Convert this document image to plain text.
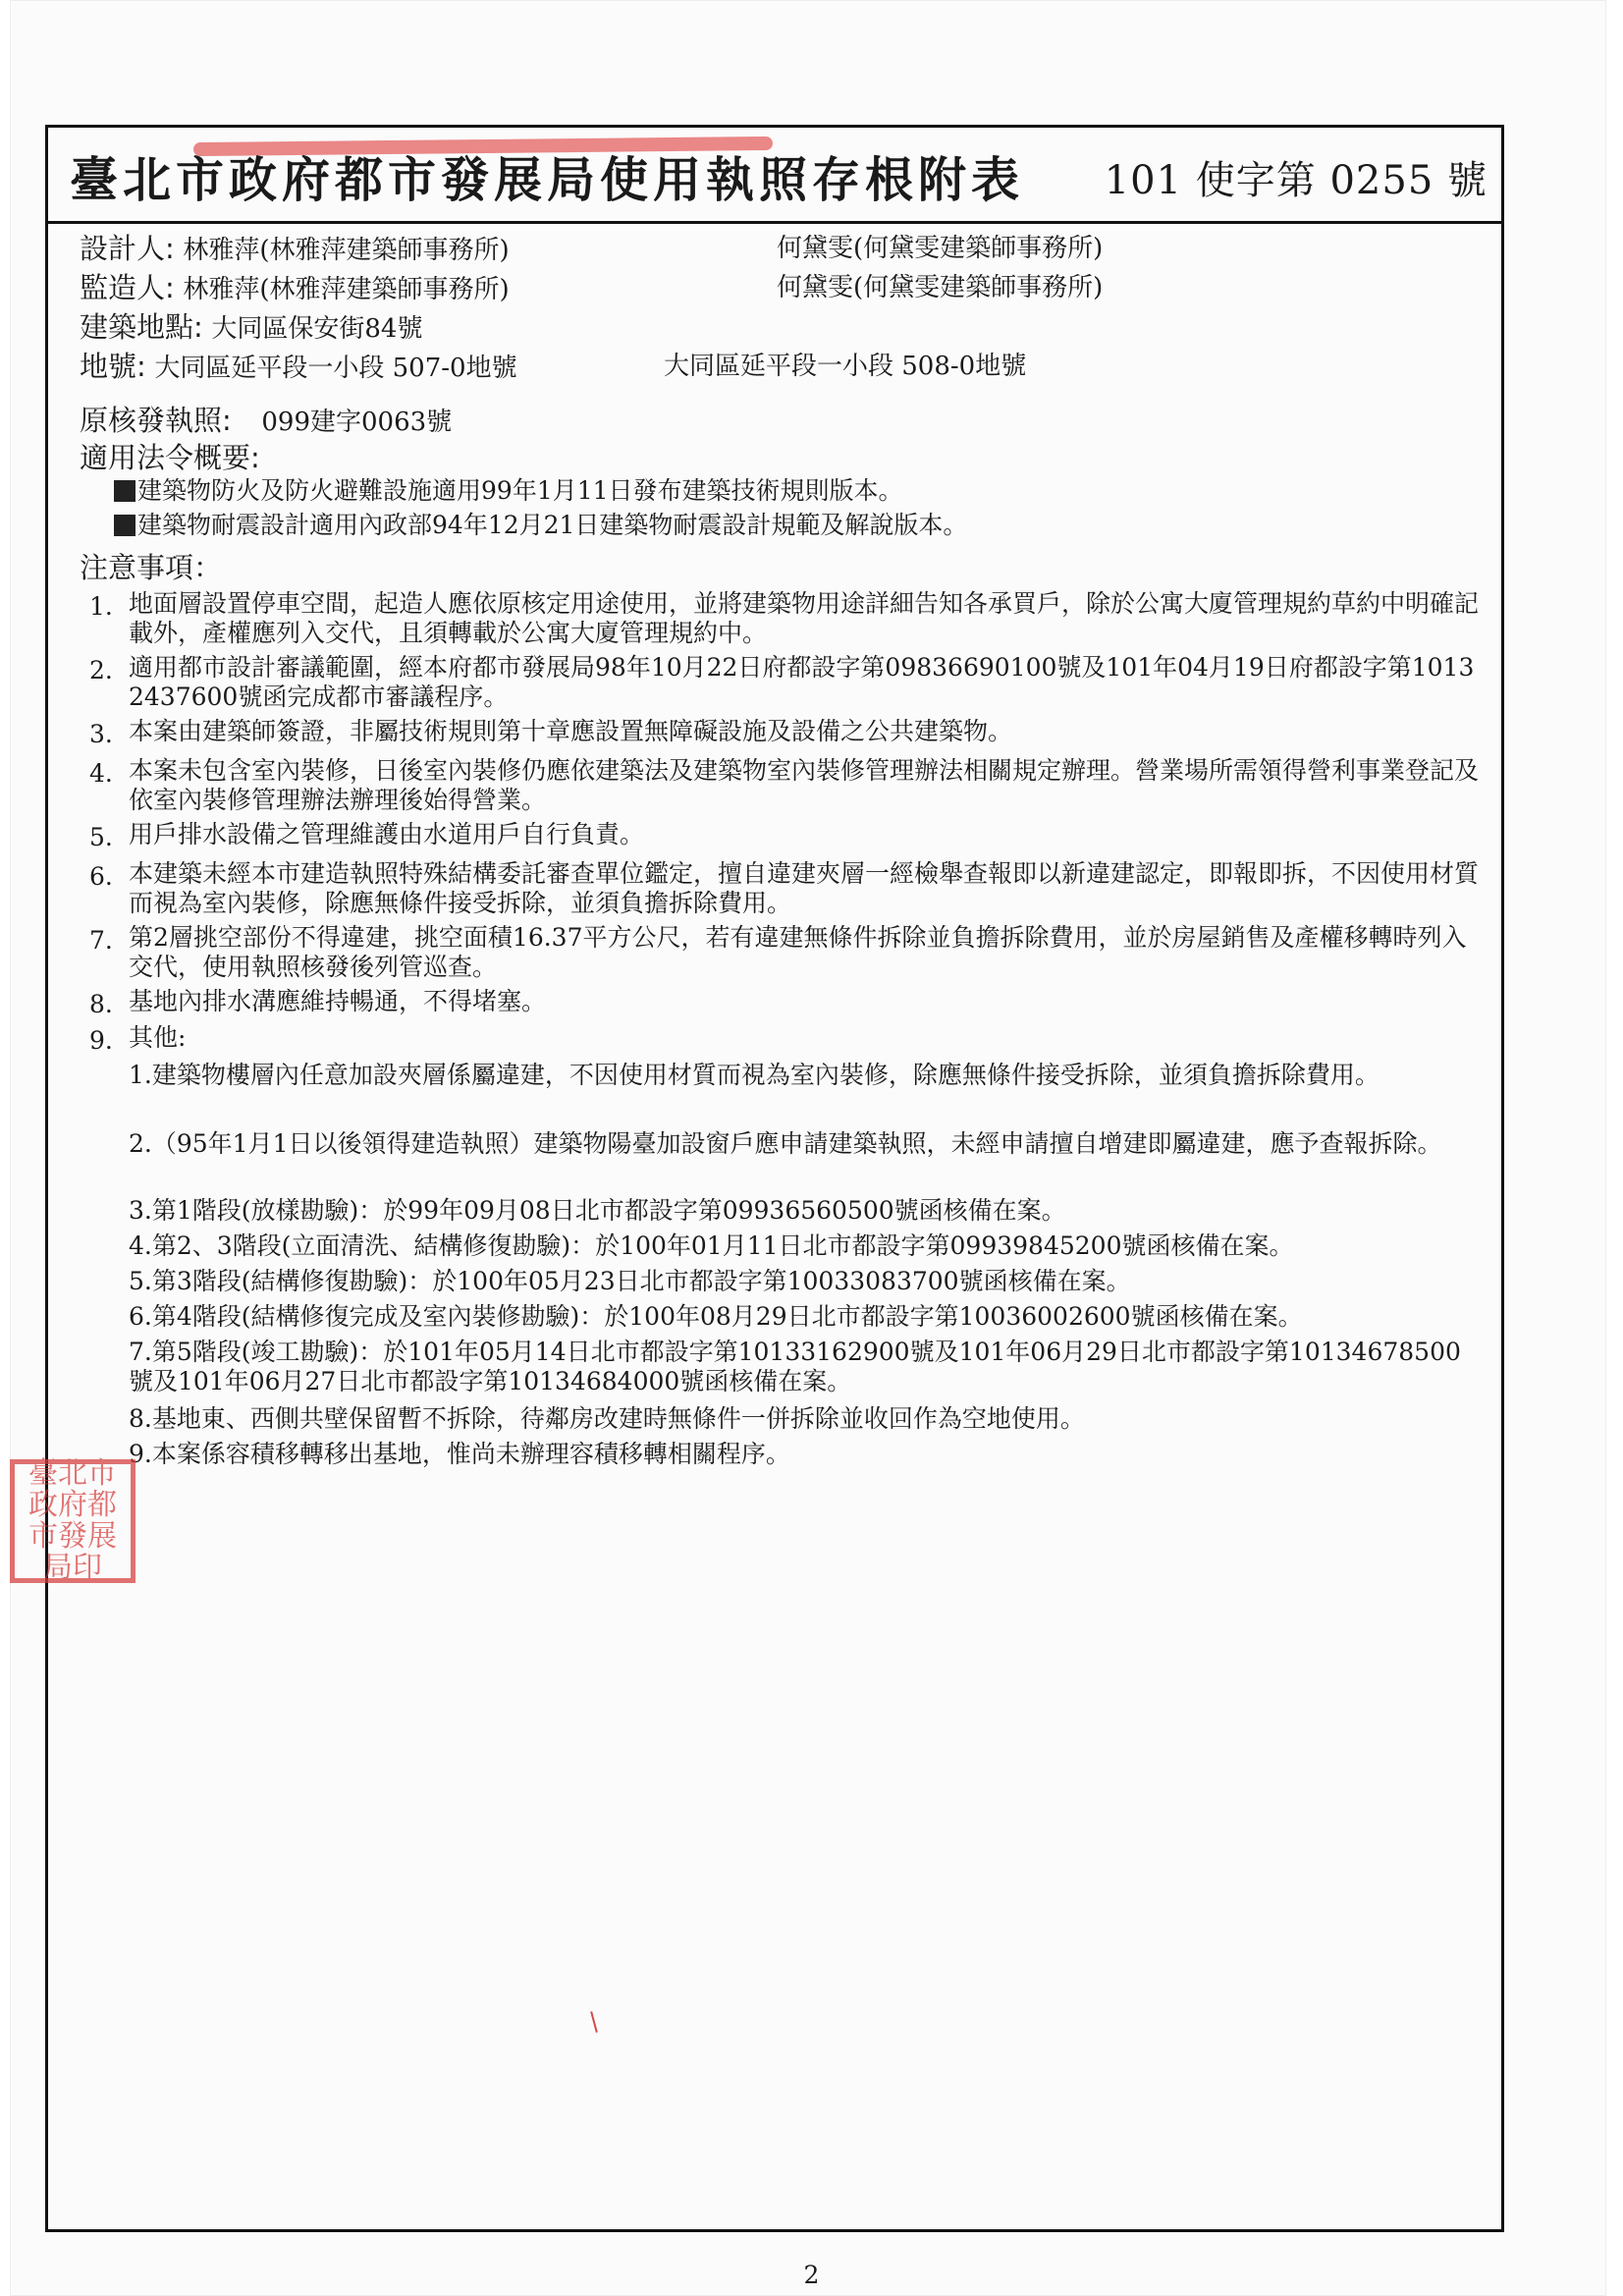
臺北市政府都市發展局使用執照存根附表 101 使字第 0255 號
設計人: 林雅萍(林雅萍建築師事務所)	何黛雯(何黛雯建築師事務所)
監造人: 林雅萍(林雅萍建築師事務所)	何黛雯(何黛雯建築師事務所)
建築地點: 大同區保安街84號
地號: 大同區延平段一小段 507-0地號	大同區延平段一小段 508-0地號
原核發執照: 099建字0063號
適用法令概要:
建築物防火及防火避難設施適用99年1月11日發布建築技術規則版本。
建築物耐震設計適用內政部94年12月21日建築物耐震設計規範及解說版本。
注意事項：
1. 地面層設置停車空間，起造人應依原核定用途使用，並將建築物用途詳細告知各承買戶，除於公寓大廈管理規約草約中明確記載外，產權應列入交代，且須轉載於公寓大廈管理規約中。
2. 適用都市設計審議範圍，經本府都市發展局98年10月22日府都設字第09836690100號及101年04月19日府都設字第1013 2437600號函完成都市審議程序。
3. 本案由建築師簽證，非屬技術規則第十章應設置無障礙設施及設備之公共建築物。
4. 本案未包含室內裝修，日後室內裝修仍應依建築法及建築物室內裝修管理辦法相關規定辦理。營業場所需領得營利事業登記及依室內裝修管理辦法辦理後始得營業。
5. 用戶排水設備之管理維護由水道用戶自行負責。
6. 本建築未經本市建造執照特殊結構委託審查單位鑑定，擅自違建夾層一經檢舉查報即以新違建認定，即報即拆，不因使用材質而視為室內裝修，除應無條件接受拆除，並須負擔拆除費用。
7. 第2層挑空部份不得違建，挑空面積16.37平方公尺，若有違建無條件拆除並負擔拆除費用，並於房屋銷售及產權移轉時列入交代，使用執照核發後列管巡查。
8. 基地內排水溝應維持暢通，不得堵塞。
9. 其他:
1.建築物樓層內任意加設夾層係屬違建，不因使用材質而視為室內裝修，除應無條件接受拆除，並須負擔拆除費用。
2.（95年1月1日以後領得建造執照）建築物陽臺加設窗戶應申請建築執照，未經申請擅自增建即屬違建，應予查報拆除。
3.第1階段(放樣勘驗)：於99年09月08日北市都設字第09936560500號函核備在案。
4.第2、3階段(立面清洗、結構修復勘驗)：於100年01月11日北市都設字第09939845200號函核備在案。
5.第3階段(結構修復勘驗)：於100年05月23日北市都設字第10033083700號函核備在案。
6.第4階段(結構修復完成及室內裝修勘驗)：於100年08月29日北市都設字第10036002600號函核備在案。
7.第5階段(竣工勘驗)：於101年05月14日北市都設字第10133162900號及101年06月29日北市都設字第10134678500號及101年06月27日北市都設字第10134684000號函核備在案。
8.基地東、西側共壁保留暫不拆除，待鄰房改建時無條件一併拆除並收回作為空地使用。
9.本案係容積移轉移出基地，惟尚未辦理容積移轉相關程序。
臺北市政府都市發展局印
2
